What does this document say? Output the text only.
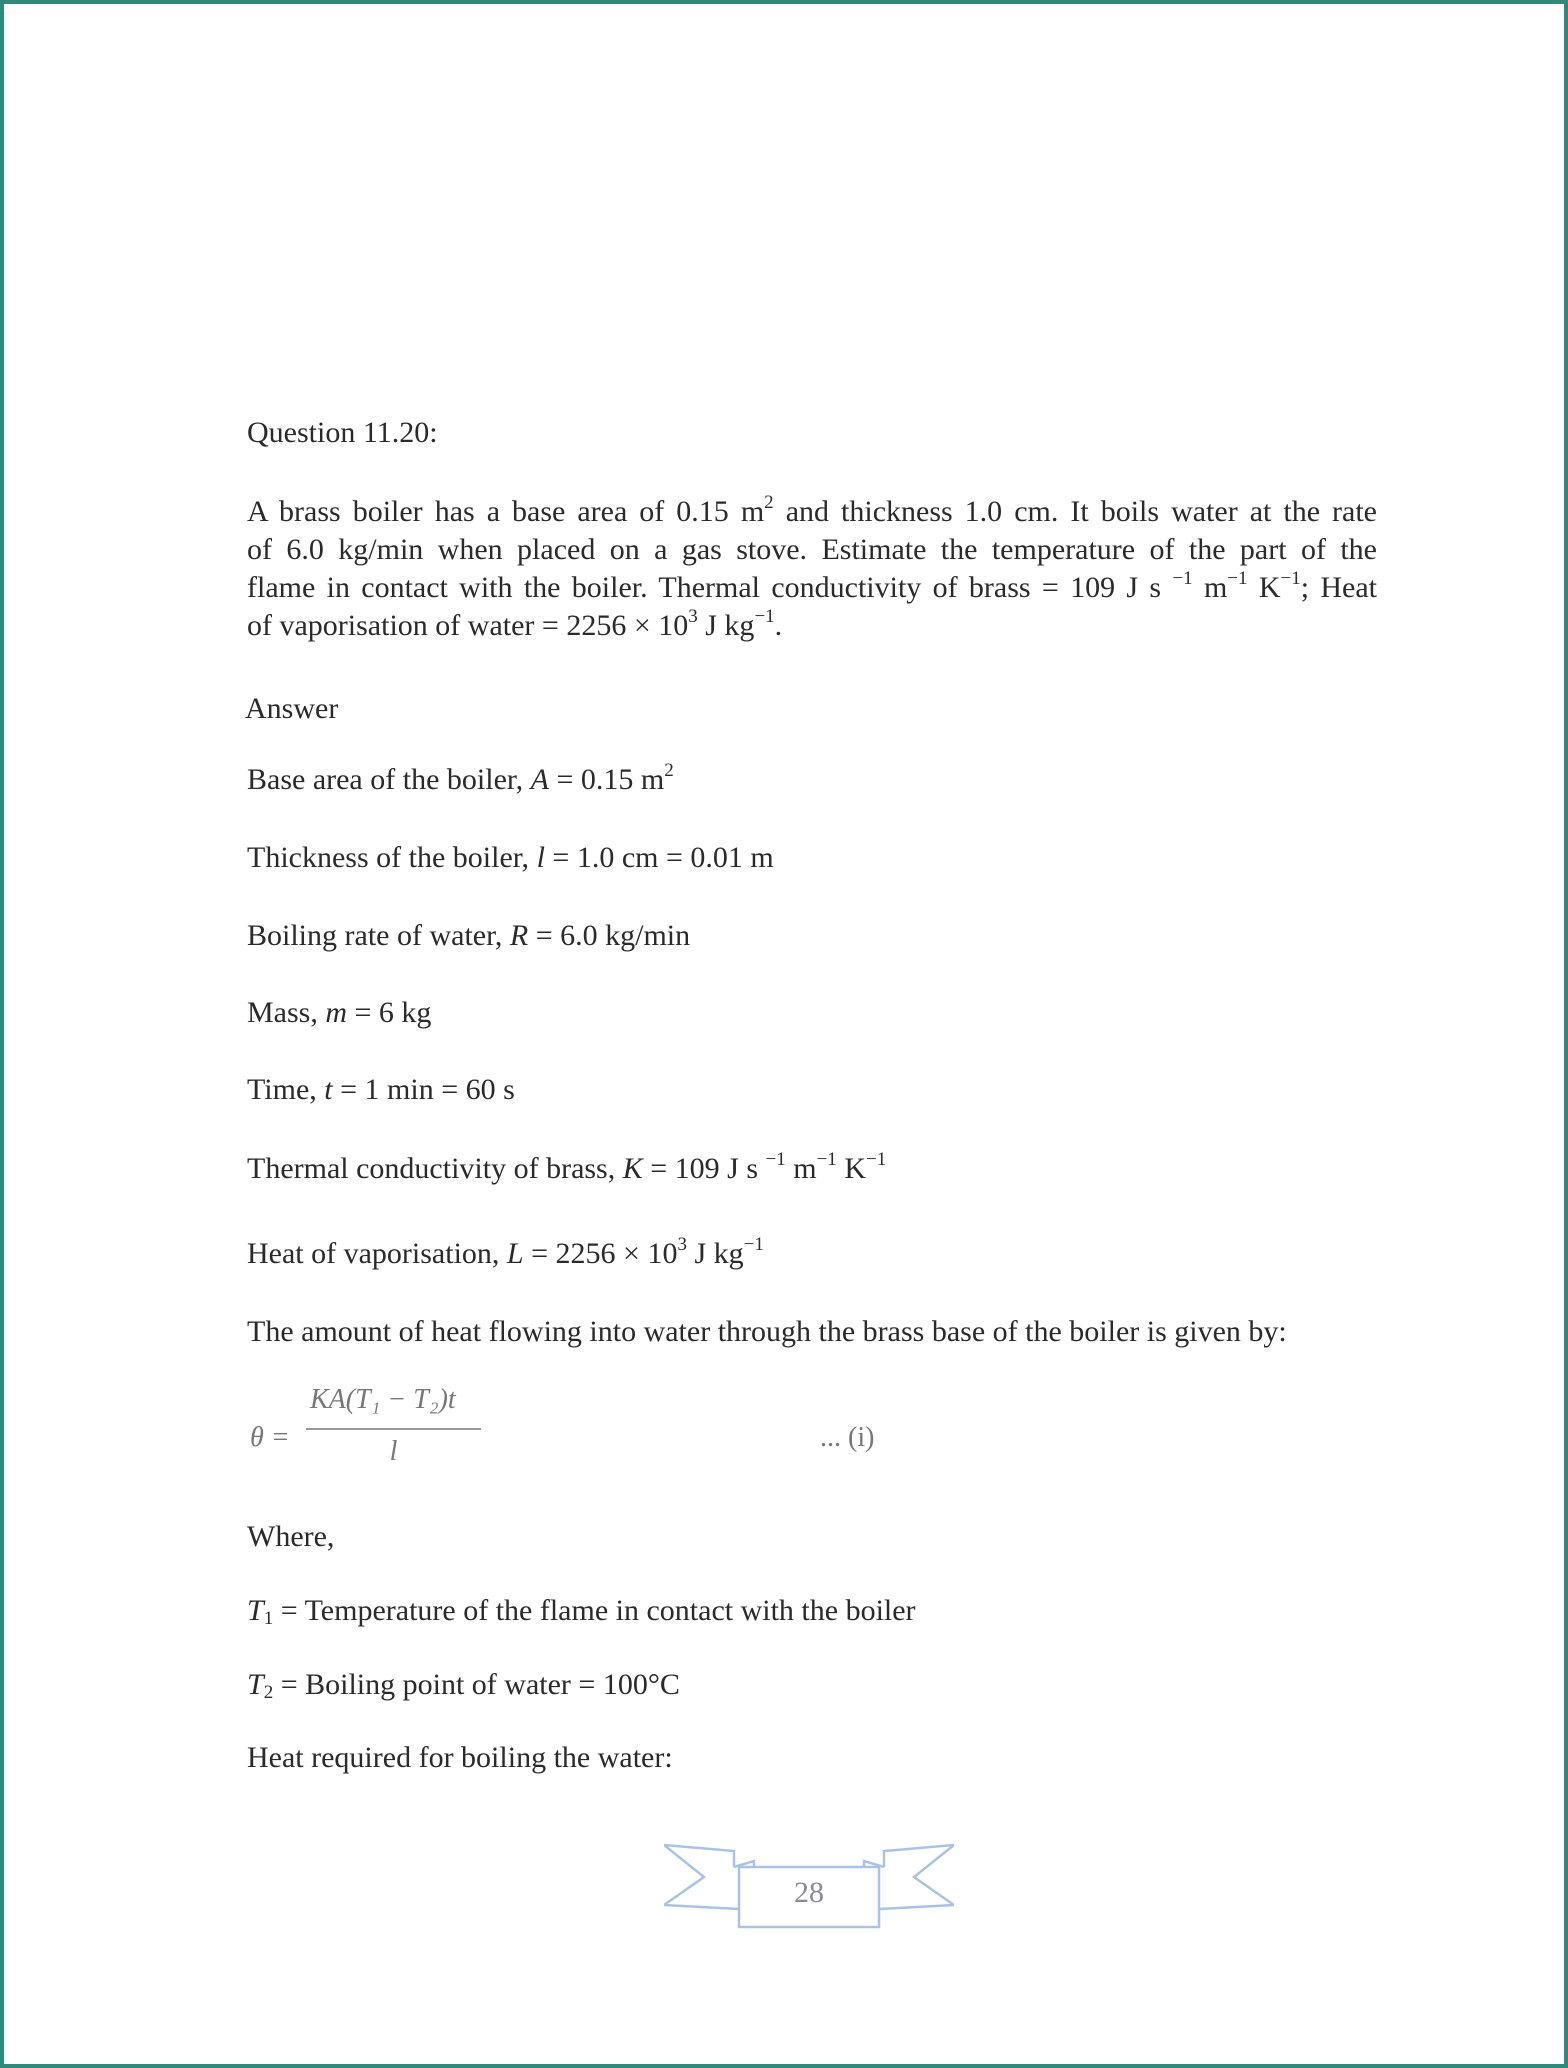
Question 11.20:
A brass boiler has a base area of 0.15 $m^2$ and thickness 1.0 cm. It boils water at the rate
of 6.0 kg/min when placed on a gas stove. Estimate the temperature of the part of the
flame in contact with the boiler. Thermal conductivity of brass = 109 J s $^{-1}$ $m^{-1}$ $K^{-1}$; Heat
of vaporisation of water = $2256 \times 10^3$ J $kg^{-1}$.
Answer
Base area of the boiler, A = 0.15 $m^2$
Thickness of the boiler, l = 1.0 cm = 0.01 m
Boiling rate of water, R = 6.0 kg/min
Mass, m = 6 kg
Time, t = 1 min = 60 s
Thermal conductivity of brass, K = 109 J s $^{-1}$ $m^{-1}$ $K^{-1}$
Heat of vaporisation, $L = 2256 \times 10^3$ J $kg^{-1}$
The amount of heat flowing into water through the brass base of the boiler is given by:
θ =
KA(T₁ − T₂)t
l	... (i)
Where,
$T_1$ = Temperature of the flame in contact with the boiler
$T_2$ = Boiling point of water = 100°C
Heat required for boiling the water:
28
